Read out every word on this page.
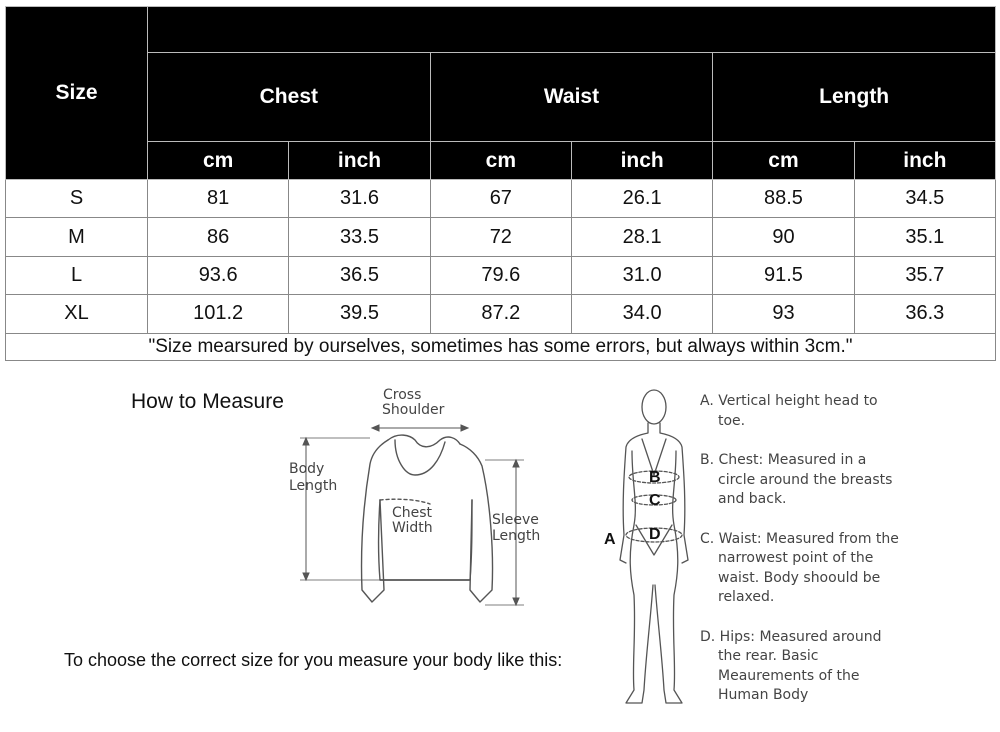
Size						
	Chest		Waist		Length	
	cm	inch	cm	inch	cm	inch
S	81	31.6	67	26.1	88.5	34.5
M	86	33.5	72	28.1	90	35.1
L	93.6	36.5	79.6	31.0	91.5	35.7
XL	101.2	39.5	87.2	34.0	93	36.3
"Size mearsured by ourselves, sometimes has some errors, but always within 3cm."						
How to Measure
To choose the correct size for you measure your body like this:
Cross
Shoulder
Body
Length
Chest
Width	Sleeve
Length
B
C
D
A

A. Vertical height head to toe.

B. Chest: Measured in a circle around the breasts and back.

C. Waist: Measured from the narrowest point of the waist. Body shoould be relaxed.

D. Hips: Measured around the rear. Basic Meaurements of the Human Body
